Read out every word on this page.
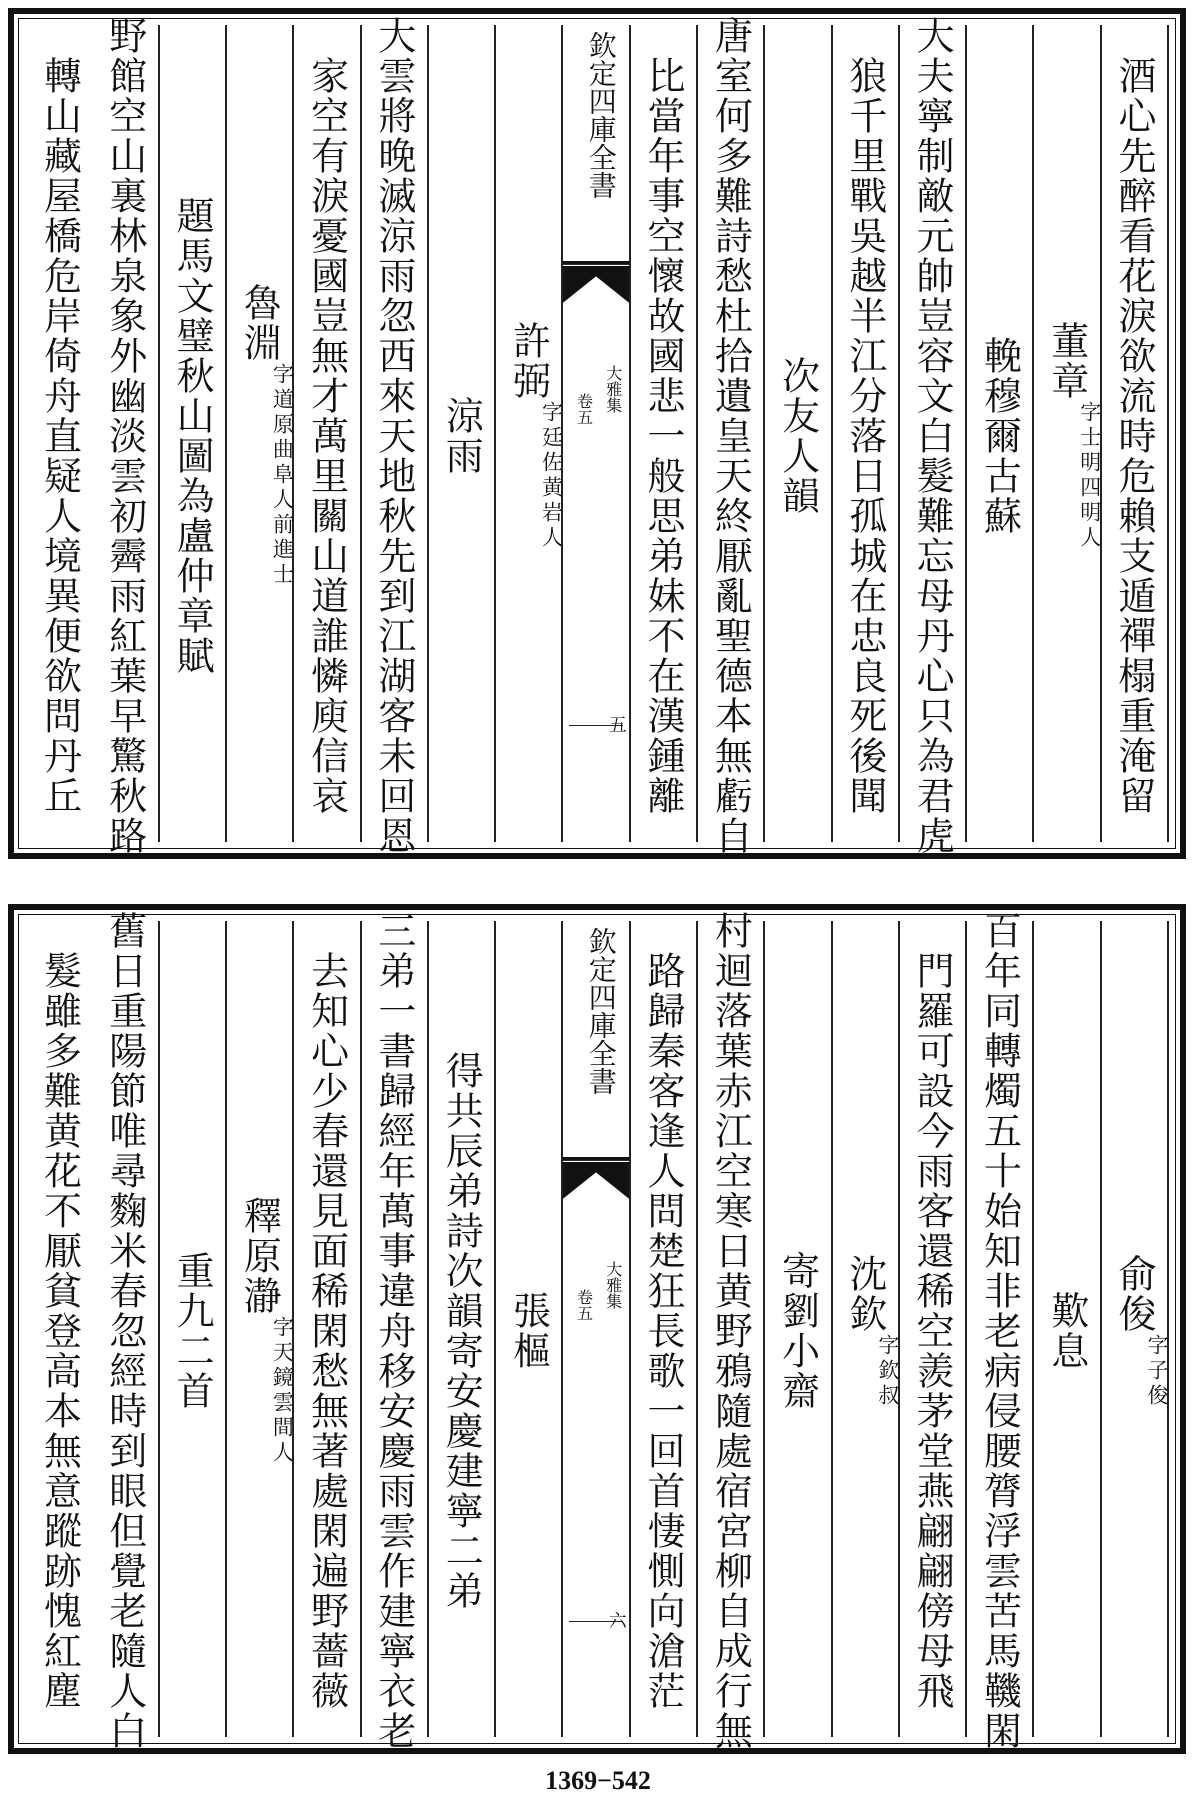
酒心先醉看花淚欲流時危賴支遁禪榻重淹留
董章
字士明四明人
輓穆爾古蘇
大夫寧制敵元帥豈容文白髮難忘母丹心只為君虎
狼千里戰吳越半江分落日孤城在忠良死後聞
次友人韻
唐室何多難詩愁杜拾遺皇天終厭亂聖德本無虧自
比當年事空懷故國悲一般思弟妹不在漢鍾離
欽定四庫全書
大雅集
卷五
五
許弼
字廷佐黄岩人
涼雨
大雲將晚滅涼雨忽西來天地秋先到江湖客未回恩
家空有淚憂國豈無才萬里關山道誰憐庾信哀
魯淵
字道原曲阜人前進士
題馬文璧秋山圖為盧仲章賦
野館空山裏林泉象外幽淡雲初霽雨紅葉早驚秋路
轉山藏屋橋危岸倚舟直疑人境異便欲問丹丘
俞俊
字子俊
歎息
百年同轉燭五十始知非老病侵腰膂浮雲苦馬鞿閑
門羅可設今雨客還稀空羨茅堂燕翩翩傍母飛
沈欽
字欽叔
寄劉小齋
村迴落葉赤江空寒日黄野鴉隨處宿宮柳自成行無
路歸秦客逢人問楚狂長歌一回首悽惻向滄茫
欽定四庫全書
大雅集
卷五
六
張樞
得共辰弟詩次韻寄安慶建寧二弟
三弟一書歸經年萬事違舟移安慶雨雲作建寧衣老
去知心少春還見面稀閑愁無著處閑遍野薔薇
釋原瀞
字天鏡雲間人
重九二首
舊日重陽節唯尋麴米春忽經時到眼但覺老隨人白
髮雖多難黄花不厭貧登高本無意蹤跡愧紅塵
1369−542
